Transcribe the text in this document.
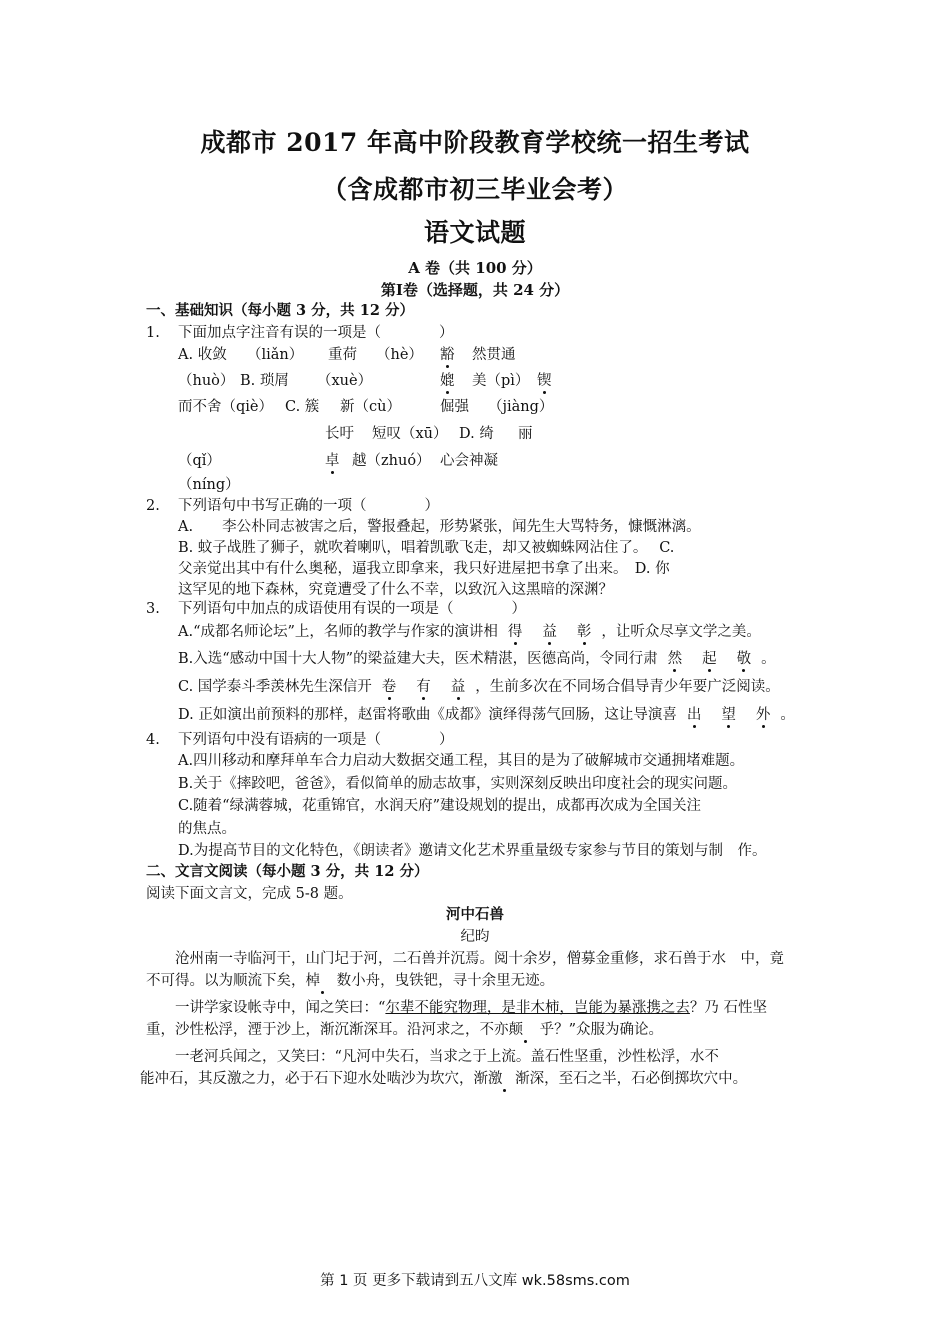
成都市 2017 年高中阶段教育学校统一招生考试
（含成都市初三毕业会考）
语文试题
A 卷（共 100 分）
第Ⅰ卷（选择题，共 24 分）
一、基础知识（每小题 3 分，共 12 分）
1. 下面加点字注音有误的一项是（　　　　）
A. 收敛 （liǎn） 重荷 （hè） 豁 然贯通
（huò） B. 琐屑 （xuè）	媲 美（pì） 锲
而不舍（qiè） C. 簇 新（cù）	倔强 （jiàng）
长吁 短叹（xū） D. 绮 丽
（qǐ）	卓 越（zhuó） 心会神凝
（níng）
2. 下列语句中书写正确的一项（　　　　）
A.　　李公朴同志被害之后，警报叠起，形势紧张，闻先生大骂特务，慷慨淋漓。
B. 蚊子战胜了狮子，就吹着喇叭，唱着凯歌飞走，却又被蜘蛛网沾住了。　 C.
父亲觉出其中有什么奥秘，逼我立即拿来，我只好进屋把书拿了出来。　D. 你
这罕见的地下森林，究竟遭受了什么不幸，以致沉入这黑暗的深渊？
3. 下列语句中加点的成语使用有误的一项是（　　　　）
A.“成都名师论坛”上，名师的教学与作家的演讲相 得 益 彰 ，让听众尽享文学之美。
B.入选“感动中国十大人物”的梁益建大夫，医术精湛，医德高尚，令同行肃 然 起 敬 。
C. 国学泰斗季羡林先生深信开 卷 有 益 ，生前多次在不同场合倡导青少年要广泛阅读。
D. 正如演出前预料的那样，赵雷将歌曲《成都》演绎得荡气回肠，这让导演喜 出 望 外 。
4. 下列语句中没有语病的一项是（　　　　）
A.四川移动和摩拜单车合力启动大数据交通工程，其目的是为了破解城市交通拥堵难题。
B.关于《摔跤吧，爸爸》，看似简单的励志故事，实则深刻反映出印度社会的现实问题。
C.随着“绿满蓉城，花重锦官，水润天府”建设规划的提出，成都再次成为全国关注
的焦点。
D.为提高节目的文化特色，《朗读者》邀请文化艺术界重量级专家参与节目的策划与制　作。
二、文言文阅读（每小题 3 分，共 12 分）
阅读下面文言文，完成 5-8 题。
河中石兽
纪昀
沧州南一寺临河干，山门圮于河，二石兽并沉焉。阅十余岁，僧募金重修，求石兽于水　中，竟
不可得。以为顺流下矣，棹 数小舟，曳铁钯，寻十余里无迹。
一讲学家设帐寺中，闻之笑曰：“尔辈不能究物理，是非木柿，岂能为暴涨携之去？乃 石性坚
重，沙性松浮，湮于沙上，渐沉渐深耳。沿河求之，不亦颠 乎？”众服为确论。
一老河兵闻之，又笑曰：“凡河中失石，当求之于上流。盖石性坚重，沙性松浮，水不
能冲石，其反激之力，必于石下迎水处啮沙为坎穴，渐激 渐深，至石之半，石必倒掷坎穴中。
第 1 页 更多下载请到五八文库 wk.58sms.com
